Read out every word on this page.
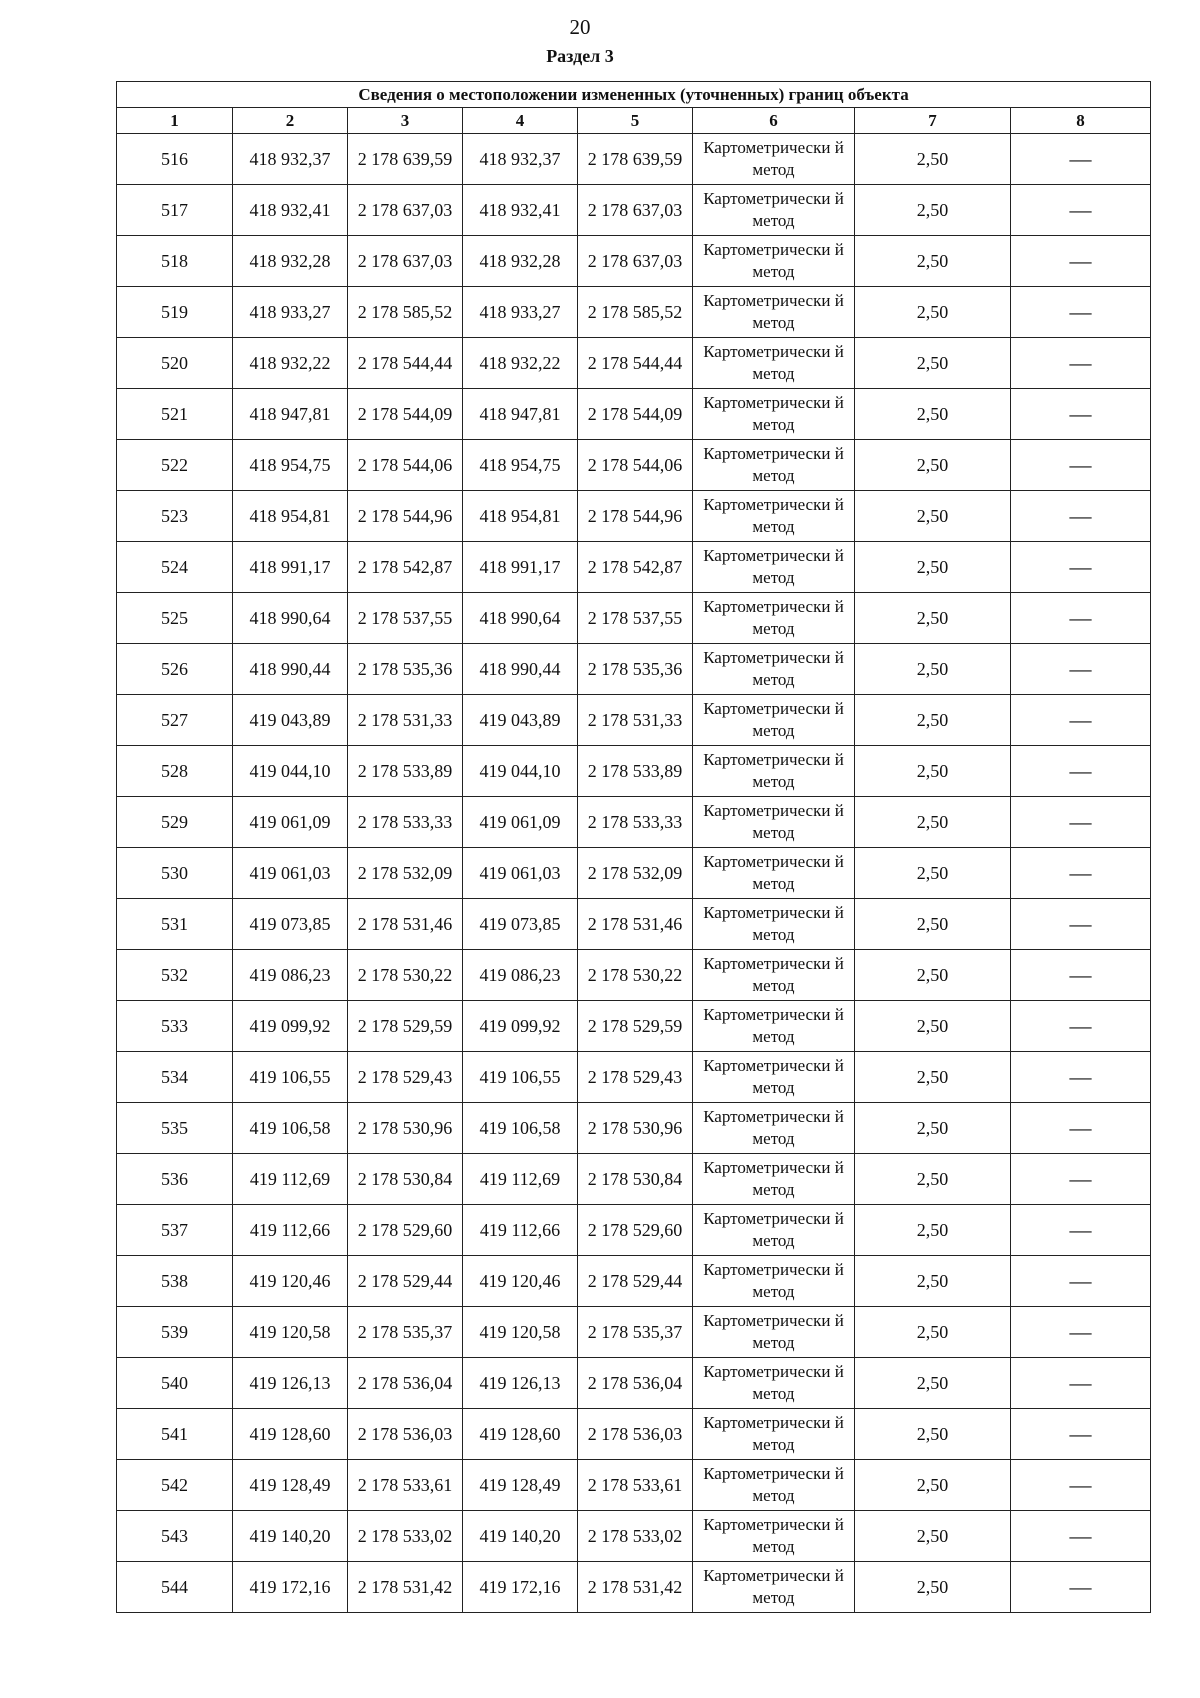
20
Раздел 3
Сведения о местоположении измененных (уточненных) границ объекта							
1	2	3	4	5	6	7	8
516	418 932,37	2 178 639,59	418 932,37	2 178 639,59	Картометрически й метод	2,50	—
517	418 932,41	2 178 637,03	418 932,41	2 178 637,03	Картометрически й метод	2,50	—
518	418 932,28	2 178 637,03	418 932,28	2 178 637,03	Картометрически й метод	2,50	—
519	418 933,27	2 178 585,52	418 933,27	2 178 585,52	Картометрически й метод	2,50	—
520	418 932,22	2 178 544,44	418 932,22	2 178 544,44	Картометрически й метод	2,50	—
521	418 947,81	2 178 544,09	418 947,81	2 178 544,09	Картометрически й метод	2,50	—
522	418 954,75	2 178 544,06	418 954,75	2 178 544,06	Картометрически й метод	2,50	—
523	418 954,81	2 178 544,96	418 954,81	2 178 544,96	Картометрически й метод	2,50	—
524	418 991,17	2 178 542,87	418 991,17	2 178 542,87	Картометрически й метод	2,50	—
525	418 990,64	2 178 537,55	418 990,64	2 178 537,55	Картометрически й метод	2,50	—
526	418 990,44	2 178 535,36	418 990,44	2 178 535,36	Картометрически й метод	2,50	—
527	419 043,89	2 178 531,33	419 043,89	2 178 531,33	Картометрически й метод	2,50	—
528	419 044,10	2 178 533,89	419 044,10	2 178 533,89	Картометрически й метод	2,50	—
529	419 061,09	2 178 533,33	419 061,09	2 178 533,33	Картометрически й метод	2,50	—
530	419 061,03	2 178 532,09	419 061,03	2 178 532,09	Картометрически й метод	2,50	—
531	419 073,85	2 178 531,46	419 073,85	2 178 531,46	Картометрически й метод	2,50	—
532	419 086,23	2 178 530,22	419 086,23	2 178 530,22	Картометрически й метод	2,50	—
533	419 099,92	2 178 529,59	419 099,92	2 178 529,59	Картометрически й метод	2,50	—
534	419 106,55	2 178 529,43	419 106,55	2 178 529,43	Картометрически й метод	2,50	—
535	419 106,58	2 178 530,96	419 106,58	2 178 530,96	Картометрически й метод	2,50	—
536	419 112,69	2 178 530,84	419 112,69	2 178 530,84	Картометрически й метод	2,50	—
537	419 112,66	2 178 529,60	419 112,66	2 178 529,60	Картометрически й метод	2,50	—
538	419 120,46	2 178 529,44	419 120,46	2 178 529,44	Картометрически й метод	2,50	—
539	419 120,58	2 178 535,37	419 120,58	2 178 535,37	Картометрически й метод	2,50	—
540	419 126,13	2 178 536,04	419 126,13	2 178 536,04	Картометрически й метод	2,50	—
541	419 128,60	2 178 536,03	419 128,60	2 178 536,03	Картометрически й метод	2,50	—
542	419 128,49	2 178 533,61	419 128,49	2 178 533,61	Картометрически й метод	2,50	—
543	419 140,20	2 178 533,02	419 140,20	2 178 533,02	Картометрически й метод	2,50	—
544	419 172,16	2 178 531,42	419 172,16	2 178 531,42	Картометрически й метод	2,50	—
